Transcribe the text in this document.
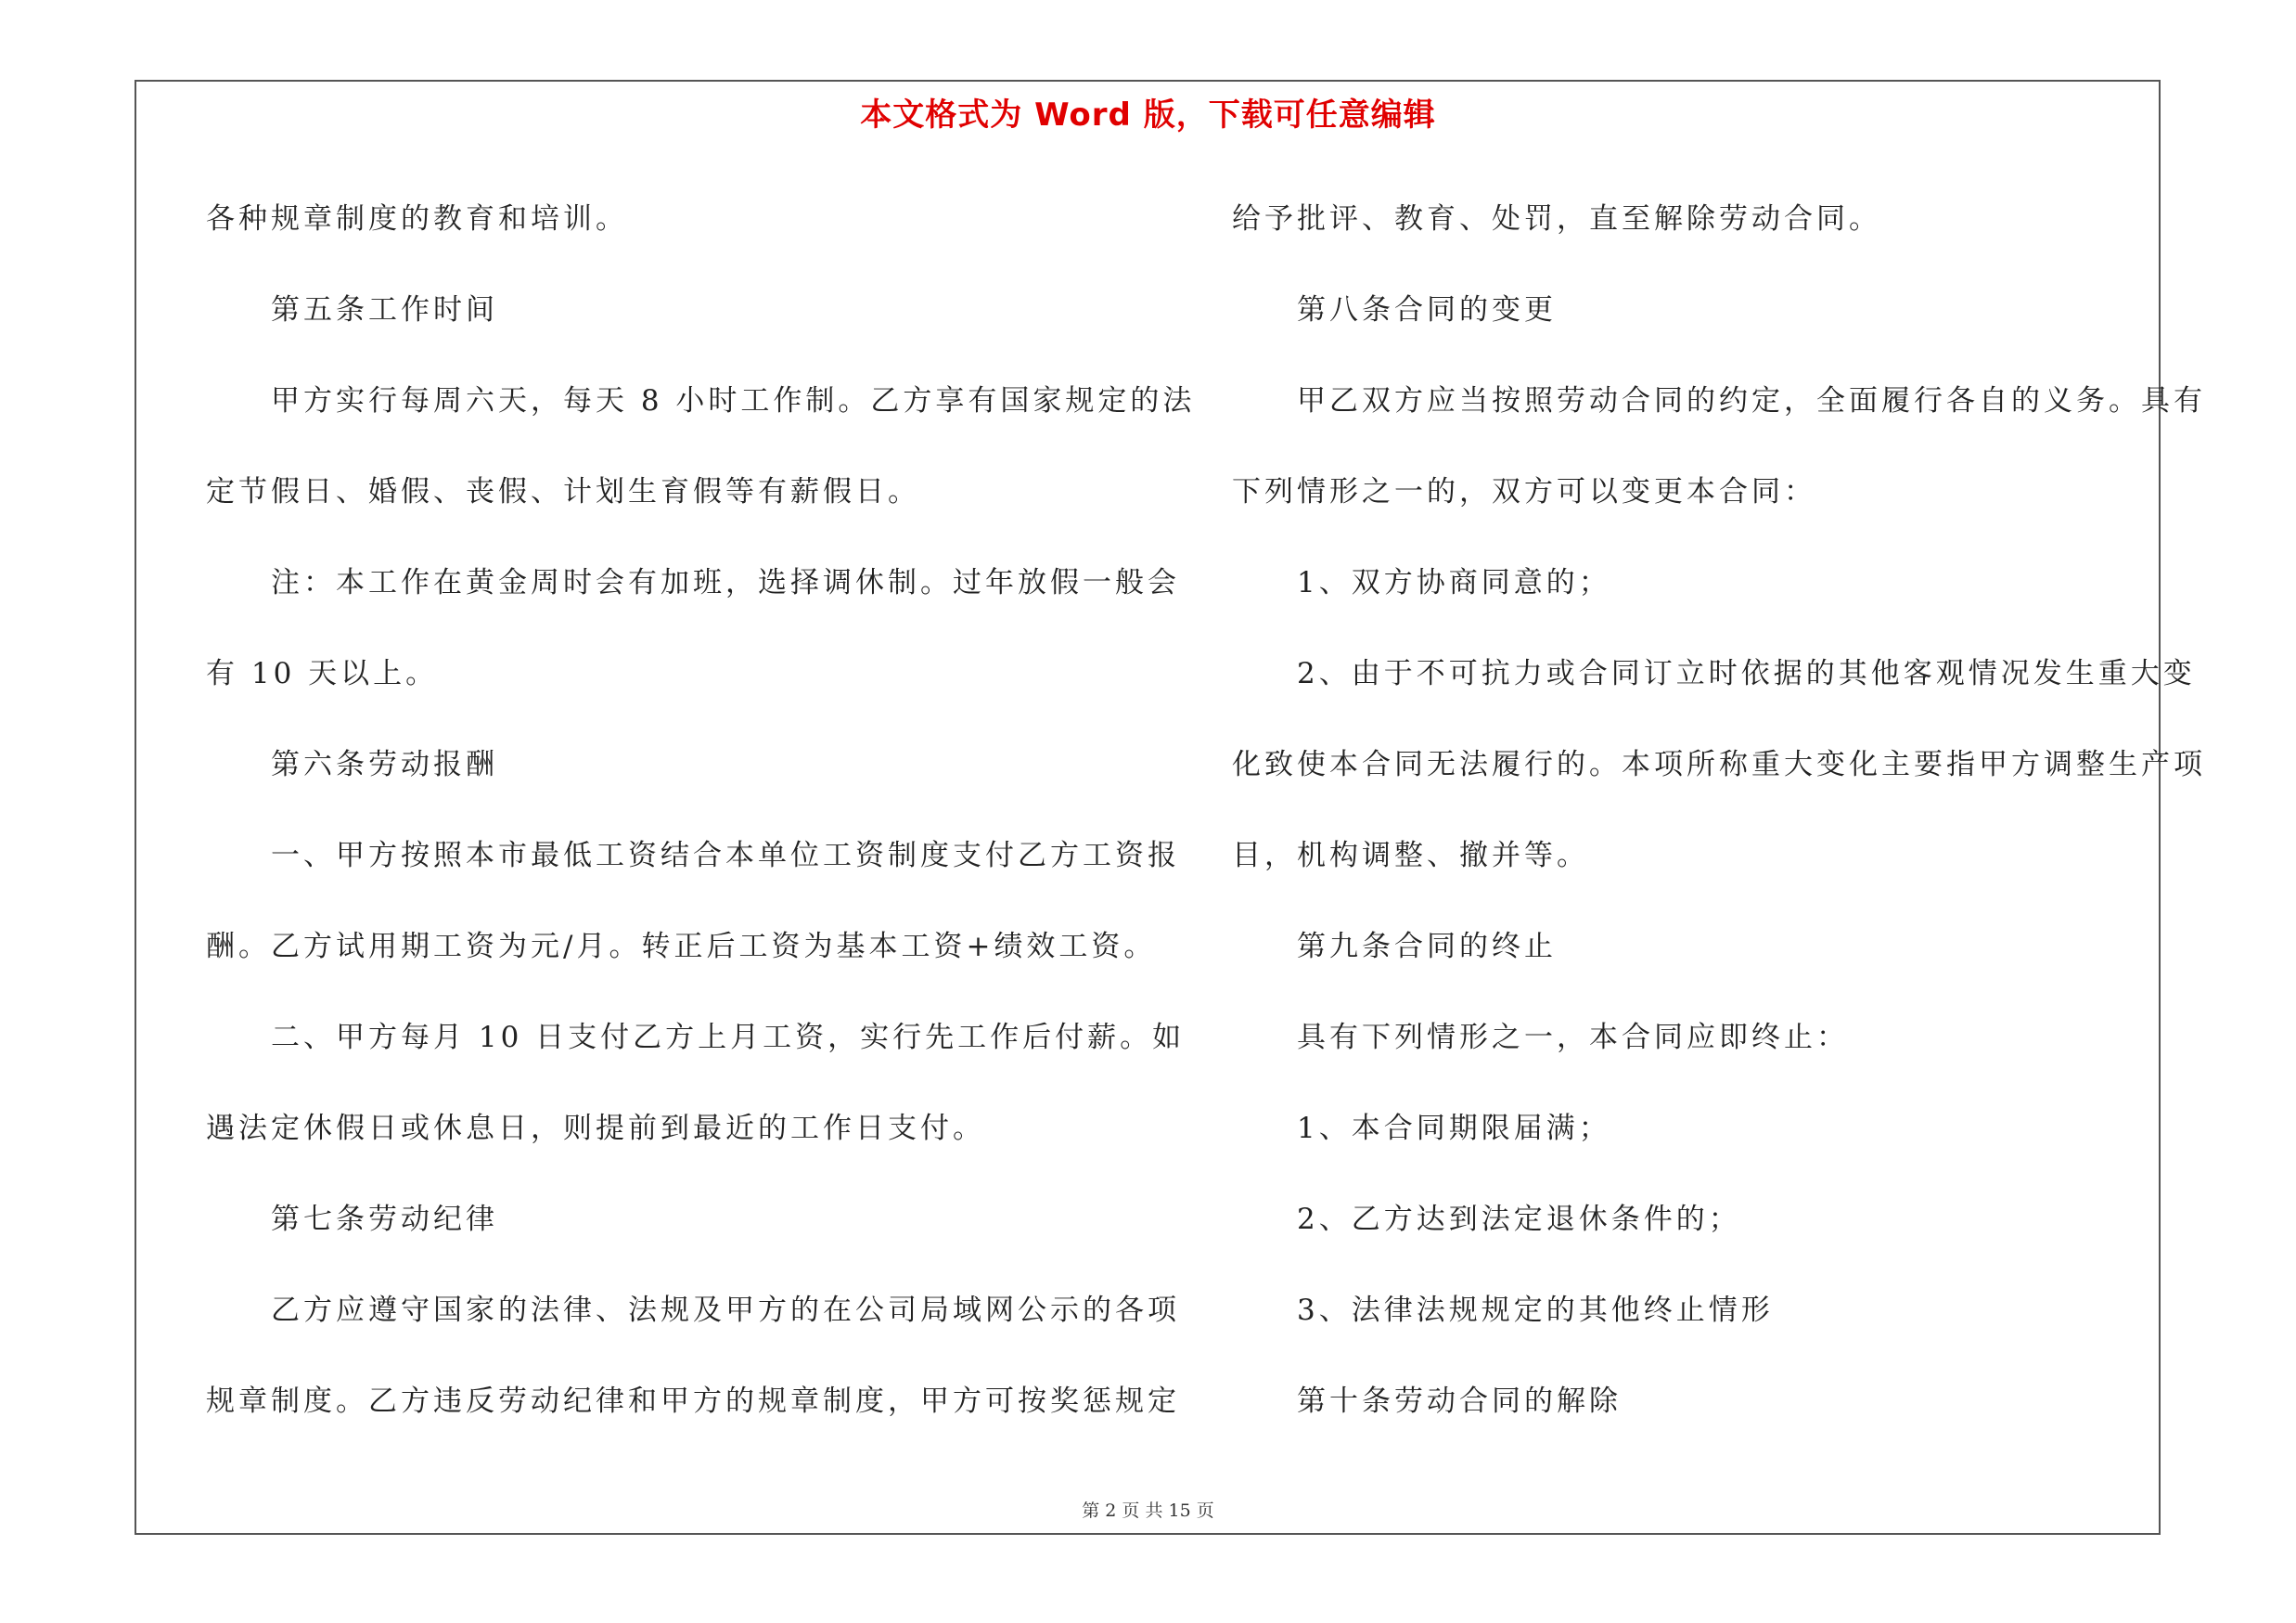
本文格式为 Word 版，下载可任意编辑
各种规章制度的教育和培训。
第五条工作时间
甲方实行每周六天，每天 8 小时工作制。乙方享有国家规定的法
定节假日、婚假、丧假、计划生育假等有薪假日。
注：本工作在黄金周时会有加班，选择调休制。过年放假一般会
有 10 天以上。
第六条劳动报酬
一、甲方按照本市最低工资结合本单位工资制度支付乙方工资报
酬。乙方试用期工资为元/月。转正后工资为基本工资+绩效工资。
二、甲方每月 10 日支付乙方上月工资，实行先工作后付薪。如
遇法定休假日或休息日，则提前到最近的工作日支付。
第七条劳动纪律
乙方应遵守国家的法律、法规及甲方的在公司局域网公示的各项
规章制度。乙方违反劳动纪律和甲方的规章制度，甲方可按奖惩规定
给予批评、教育、处罚，直至解除劳动合同。
第八条合同的变更
甲乙双方应当按照劳动合同的约定，全面履行各自的义务。具有
下列情形之一的，双方可以变更本合同：
1、双方协商同意的；
2、由于不可抗力或合同订立时依据的其他客观情况发生重大变
化致使本合同无法履行的。本项所称重大变化主要指甲方调整生产项
目，机构调整、撤并等。
第九条合同的终止
具有下列情形之一，本合同应即终止：
1、本合同期限届满；
2、乙方达到法定退休条件的；
3、法律法规规定的其他终止情形
第十条劳动合同的解除
第 2 页 共 15 页
